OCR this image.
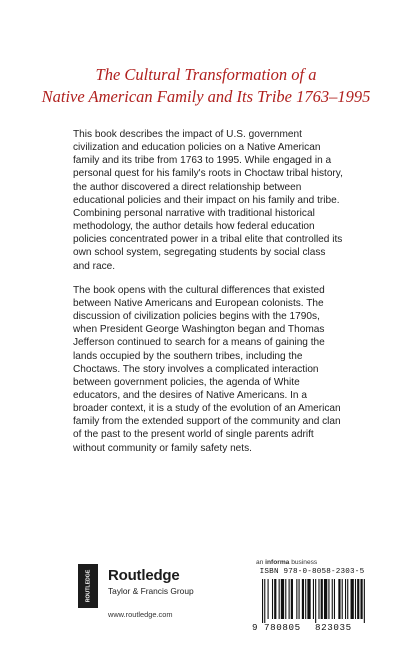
The Cultural Transformation of a
Native American Family and Its Tribe 1763–1995

This book describes the impact of U.S. government civilization and education policies on a Native American family and its tribe from 1763 to 1995. While engaged in a personal quest for his family's roots in Choctaw tribal history, the author discovered a direct relationship between educational policies and their impact on his family and tribe. Combining personal narrative with traditional historical methodology, the author details how federal education policies concentrated power in a tribal elite that controlled its own school system, segregating students by social class and race.

The book opens with the cultural differences that existed between Native Americans and European colonists. The discussion of civilization policies begins with the 1790s, when President George Washington began and Thomas Jefferson continued to search for a means of gaining the lands occupied by the southern tribes, including the Choctaws. The story involves a complicated interaction between government policies, the agenda of White educators, and the desires of Native Americans. In a broader context, it is a study of the evolution of an American family from the extended support of the community and clan of the past to the present world of single parents adrift without community or family safety nets.

ROUTLEDGE Routledge
Taylor & Francis Group
www.routledge.com
an informa business
ISBN 978-0-8058-2303-5
9 780805 823035
